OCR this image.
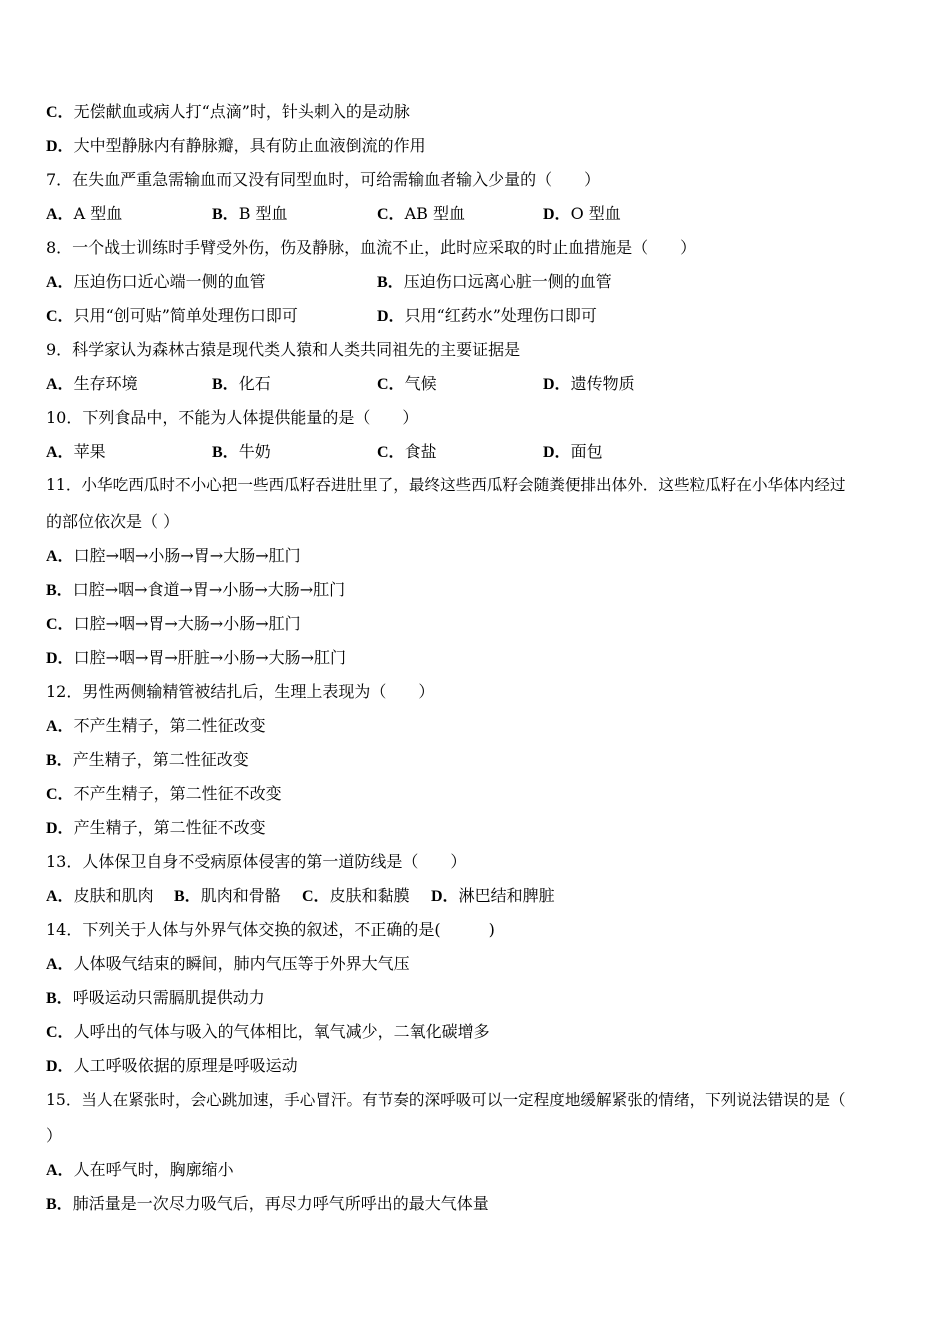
C．无偿献血或病人打“点滴”时，针头刺入的是动脉
D．大中型静脉内有静脉瓣，具有防止血液倒流的作用
7．在失血严重急需输血而又没有同型血时，可给需输血者输入少量的（　　）
A．A 型血	B．B 型血	C．AB 型血	D．O 型血
8．一个战士训练时手臂受外伤，伤及静脉，血流不止，此时应采取的时止血措施是（　　）
A．压迫伤口近心端一侧的血管	B．压迫伤口远离心脏一侧的血管
C．只用“创可贴”简单处理伤口即可	D．只用“红药水”处理伤口即可
9．科学家认为森林古猿是现代类人猿和人类共同祖先的主要证据是
A．生存环境	B．化石	C．气候	D．遗传物质
10．下列食品中，不能为人体提供能量的是（　　）
A．苹果	B．牛奶	C．食盐	D．面包
11．小华吃西瓜时不小心把一些西瓜籽吞进肚里了，最终这些西瓜籽会随粪便排出体外．这些粒瓜籽在小华体内经过
的部位依次是（ ）
A．口腔→咽→小肠→胃→大肠→肛门
B．口腔→咽→食道→胃→小肠→大肠→肛门
C．口腔→咽→胃→大肠→小肠→肛门
D．口腔→咽→胃→肝脏→小肠→大肠→肛门
12．男性两侧输精管被结扎后，生理上表现为（　　）
A．不产生精子，第二性征改变
B．产生精子，第二性征改变
C．不产生精子，第二性征不改变
D．产生精子，第二性征不改变
13．人体保卫自身不受病原体侵害的第一道防线是（　　）
A．皮肤和肌肉 B．肌肉和骨骼 C．皮肤和黏膜 D．淋巴结和脾脏
14．下列关于人体与外界气体交换的叙述，不正确的是(　　　)
A．人体吸气结束的瞬间，肺内气压等于外界大气压
B．呼吸运动只需膈肌提供动力
C．人呼出的气体与吸入的气体相比，氧气减少，二氧化碳增多
D．人工呼吸依据的原理是呼吸运动
15．当人在紧张时，会心跳加速，手心冒汗。有节奏的深呼吸可以一定程度地缓解紧张的情绪，下列说法错误的是（
）
A．人在呼气时，胸廓缩小
B．肺活量是一次尽力吸气后，再尽力呼气所呼出的最大气体量
